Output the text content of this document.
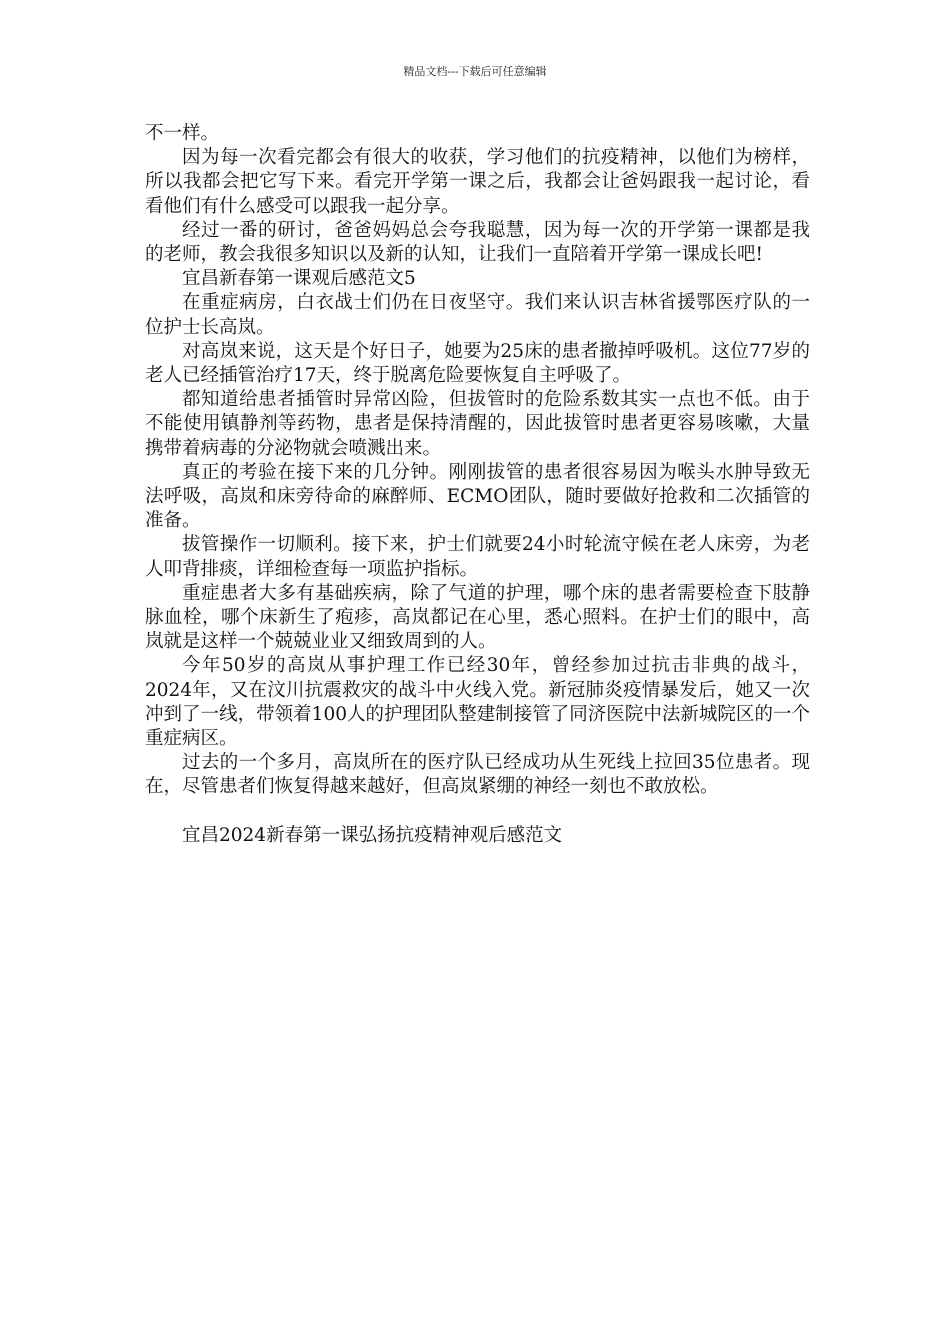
精品文档---下载后可任意编辑

不一样。

因为每一次看完都会有很大的收获，学习他们的抗疫精神，以他们为榜样，所以我都会把它写下来。看完开学第一课之后，我都会让爸妈跟我一起讨论，看看他们有什么感受可以跟我一起分享。

经过一番的研讨，爸爸妈妈总会夸我聪慧，因为每一次的开学第一课都是我的老师，教会我很多知识以及新的认知，让我们一直陪着开学第一课成长吧!

宜昌新春第一课观后感范文5

在重症病房，白衣战士们仍在日夜坚守。我们来认识吉林省援鄂医疗队的一位护士长高岚。

对高岚来说，这天是个好日子，她要为25床的患者撤掉呼吸机。这位77岁的老人已经插管治疗17天，终于脱离危险要恢复自主呼吸了。

都知道给患者插管时异常凶险，但拔管时的危险系数其实一点也不低。由于不能使用镇静剂等药物，患者是保持清醒的，因此拔管时患者更容易咳嗽，大量携带着病毒的分泌物就会喷溅出来。

真正的考验在接下来的几分钟。刚刚拔管的患者很容易因为喉头水肿导致无法呼吸，高岚和床旁待命的麻醉师、ECMO团队，随时要做好抢救和二次插管的准备。

拔管操作一切顺利。接下来，护士们就要24小时轮流守候在老人床旁，为老人叩背排痰，详细检查每一项监护指标。

重症患者大多有基础疾病，除了气道的护理，哪个床的患者需要检查下肢静脉血栓，哪个床新生了疱疹，高岚都记在心里，悉心照料。在护士们的眼中，高岚就是这样一个兢兢业业又细致周到的人。

今年50岁的高岚从事护理工作已经30年，曾经参加过抗击非典的战斗，2024年，又在汶川抗震救灾的战斗中火线入党。新冠肺炎疫情暴发后，她又一次冲到了一线，带领着100人的护理团队整建制接管了同济医院中法新城院区的一个重症病区。

过去的一个多月，高岚所在的医疗队已经成功从生死线上拉回35位患者。现在，尽管患者们恢复得越来越好，但高岚紧绷的神经一刻也不敢放松。

宜昌2024新春第一课弘扬抗疫精神观后感范文
